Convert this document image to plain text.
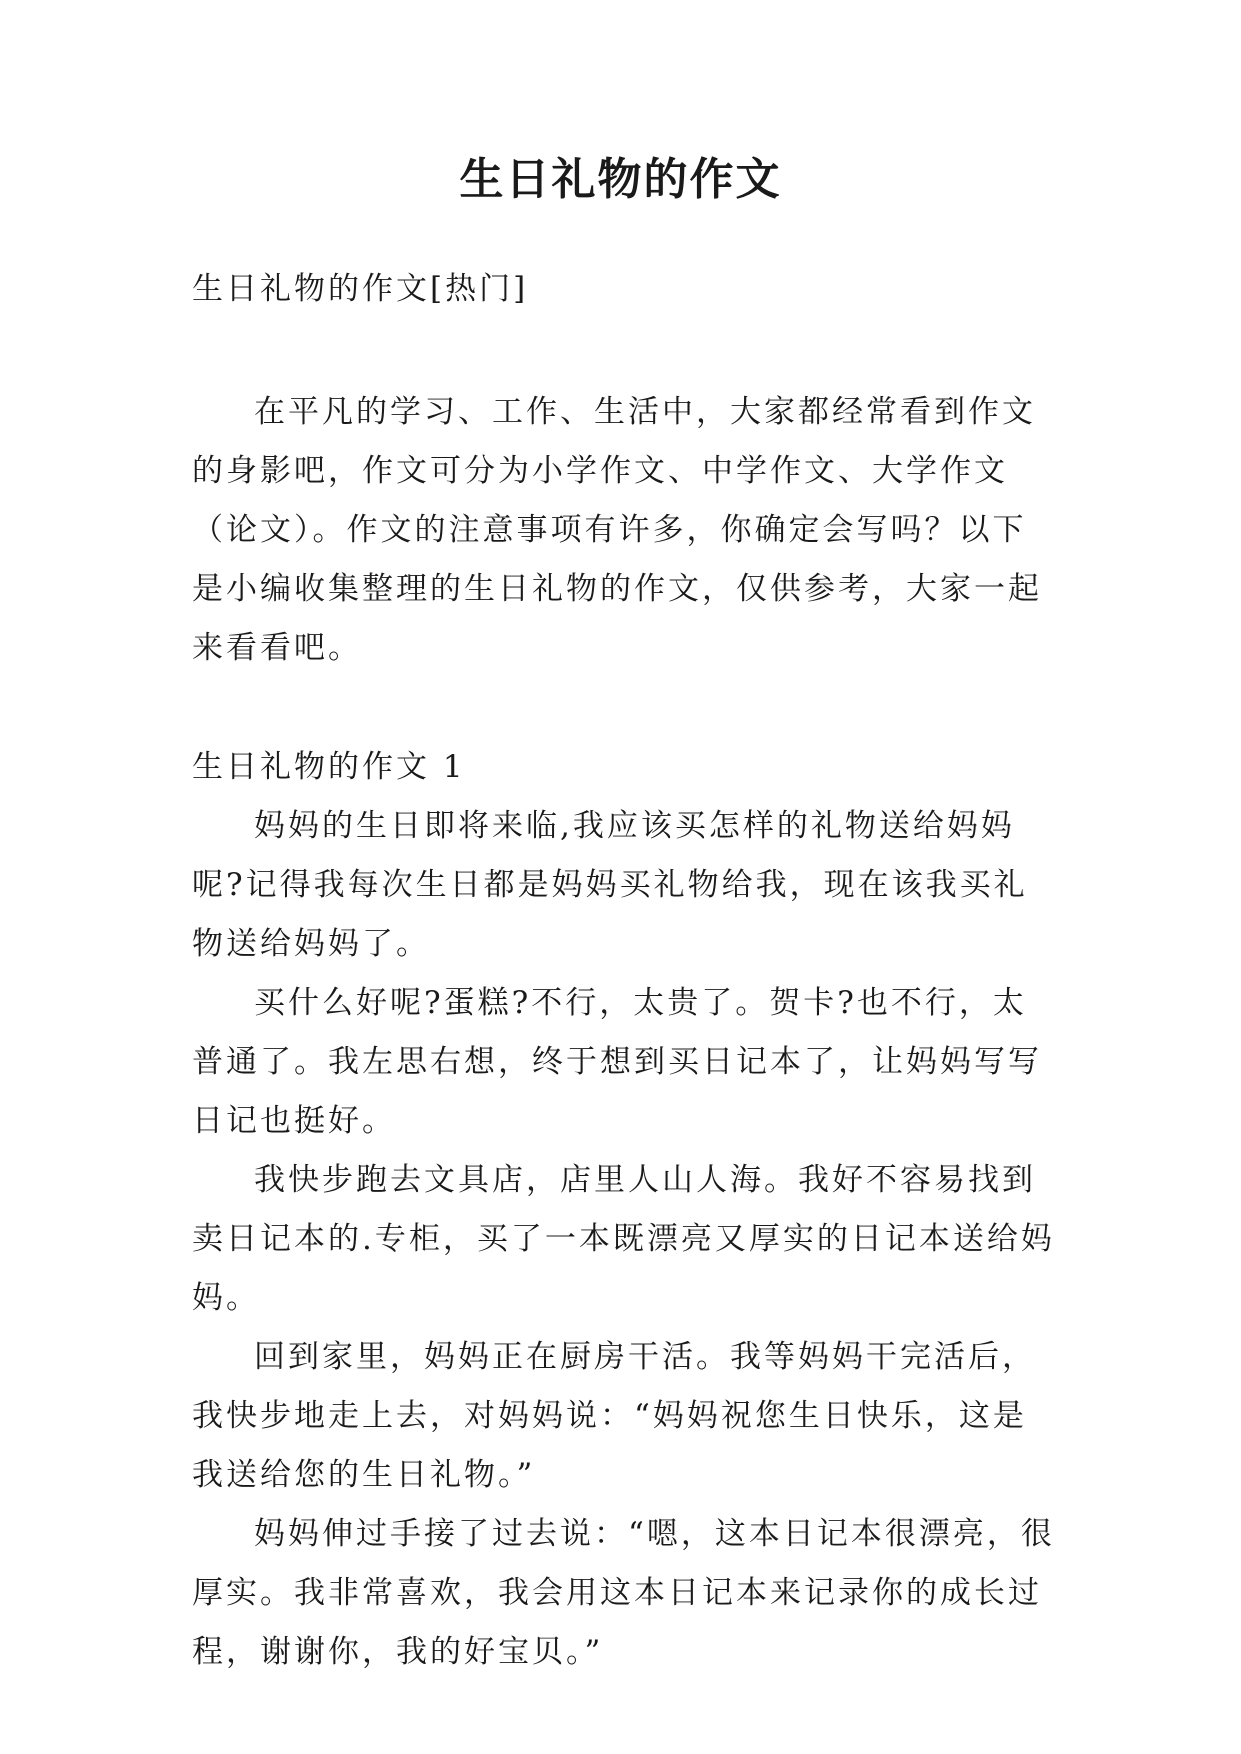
生日礼物的作文

生日礼物的作文[热门]

在平凡的学习、工作、生活中，大家都经常看到作文的身影吧，作文可分为小学作文、中学作文、大学作文（论文）。作文的注意事项有许多，你确定会写吗？以下是小编收集整理的生日礼物的作文，仅供参考，大家一起来看看吧。

生日礼物的作文 1

妈妈的生日即将来临,我应该买怎样的礼物送给妈妈呢?记得我每次生日都是妈妈买礼物给我，现在该我买礼物送给妈妈了。

买什么好呢?蛋糕?不行，太贵了。贺卡?也不行，太普通了。我左思右想，终于想到买日记本了，让妈妈写写日记也挺好。

我快步跑去文具店，店里人山人海。我好不容易找到卖日记本的.专柜，买了一本既漂亮又厚实的日记本送给妈妈。

回到家里，妈妈正在厨房干活。我等妈妈干完活后，我快步地走上去，对妈妈说：“妈妈祝您生日快乐，这是我送给您的生日礼物。”

妈妈伸过手接了过去说：“嗯，这本日记本很漂亮，很厚实。我非常喜欢，我会用这本日记本来记录你的成长过程，谢谢你，我的好宝贝。”
